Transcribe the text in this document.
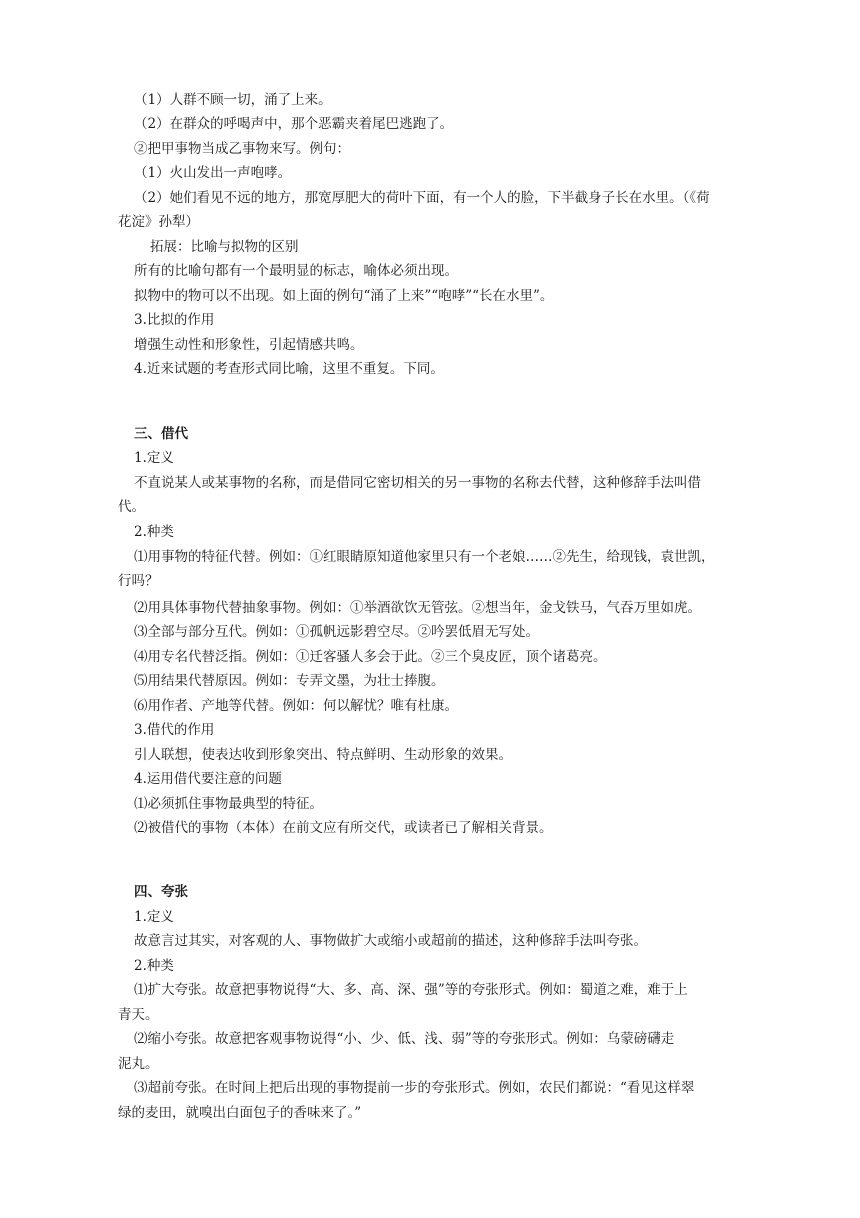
（1）人群不顾一切，涌了上来。
（2）在群众的呼喝声中，那个恶霸夹着尾巴逃跑了。
②把甲事物当成乙事物来写。例句：
（1）火山发出一声咆哮。
（2）她们看见不远的地方，那宽厚肥大的荷叶下面，有一个人的脸，下半截身子长在水里。（《荷
花淀》孙犁）
拓展：比喻与拟物的区别
所有的比喻句都有一个最明显的标志，喻体必须出现。
拟物中的物可以不出现。如上面的例句“涌了上来”“咆哮”“长在水里”。
3.比拟的作用
增强生动性和形象性，引起情感共鸣。
4.近来试题的考查形式同比喻，这里不重复。下同。
三、借代
1.定义
不直说某人或某事物的名称，而是借同它密切相关的另一事物的名称去代替，这种修辞手法叫借
代。
2.种类
⑴用事物的特征代替。例如：①红眼睛原知道他家里只有一个老娘……②先生，给现钱，袁世凯，
行吗？
⑵用具体事物代替抽象事物。例如：①举酒欲饮无管弦。②想当年，金戈铁马，气吞万里如虎。
⑶全部与部分互代。例如：①孤帆远影碧空尽。②吟罢低眉无写处。
⑷用专名代替泛指。例如：①迁客骚人多会于此。②三个臭皮匠，顶个诸葛亮。
⑸用结果代替原因。例如：专弄文墨，为壮士捧腹。
⑹用作者、产地等代替。例如：何以解忧？唯有杜康。
3.借代的作用
引人联想，使表达收到形象突出、特点鲜明、生动形象的效果。
4.运用借代要注意的问题
⑴必须抓住事物最典型的特征。
⑵被借代的事物（本体）在前文应有所交代，或读者已了解相关背景。
四、夸张
1.定义
故意言过其实，对客观的人、事物做扩大或缩小或超前的描述，这种修辞手法叫夸张。
2.种类
⑴扩大夸张。故意把事物说得“大、多、高、深、强”等的夸张形式。例如：蜀道之难，难于上
青天。
⑵缩小夸张。故意把客观事物说得“小、少、低、浅、弱”等的夸张形式。例如：乌蒙磅礴走
泥丸。
⑶超前夸张。在时间上把后出现的事物提前一步的夸张形式。例如，农民们都说：“看见这样翠
绿的麦田，就嗅出白面包子的香味来了。”
